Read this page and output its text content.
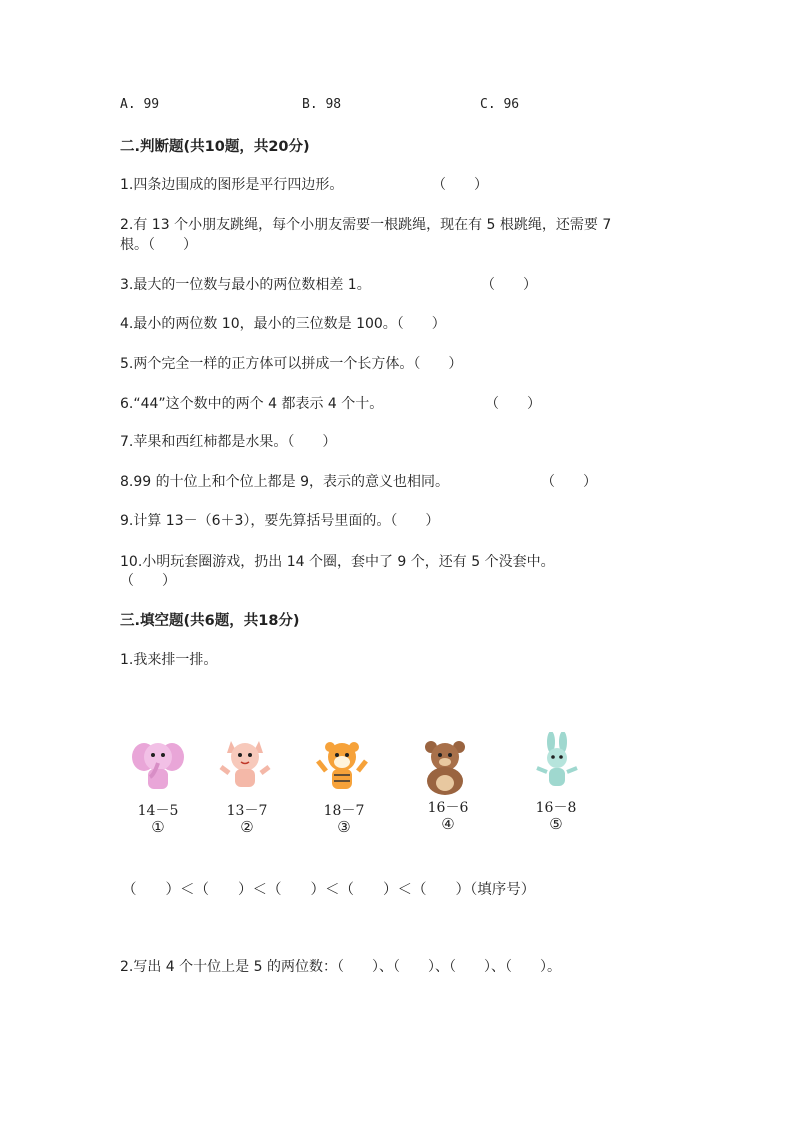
A. 99	B. 98	C. 96
二.判断题(共10题，共20分)
1.四条边围成的图形是平行四边形。	（　　）
2.有 13 个小朋友跳绳，每个小朋友需要一根跳绳，现在有 5 根跳绳，还需要 7
根。（　　）
3.最大的一位数与最小的两位数相差 1。	（　　）
4.最小的两位数 10，最小的三位数是 100。（　　）
5.两个完全一样的正方体可以拼成一个长方体。（　　）
6.“44”这个数中的两个 4 都表示 4 个十。	（　　）
7.苹果和西红柿都是水果。（　　）
8.99 的十位上和个位上都是 9，表示的意义也相同。	（　　）
9.计算 13－（6＋3），要先算括号里面的。（　　）
10.小明玩套圈游戏，扔出 14 个圈，套中了 9 个，还有 5 个没套中。
（　　）
三.填空题(共6题，共18分)
1.我来排一排。
14－5
①
13－7
②
18－7
③
16－6
④
16－8
⑤
（　　）＜（　　）＜（　　）＜（　　）＜（　　）（填序号）
2.写出 4 个十位上是 5 的两位数：（　　）、（　　）、（　　）、（　　）。
